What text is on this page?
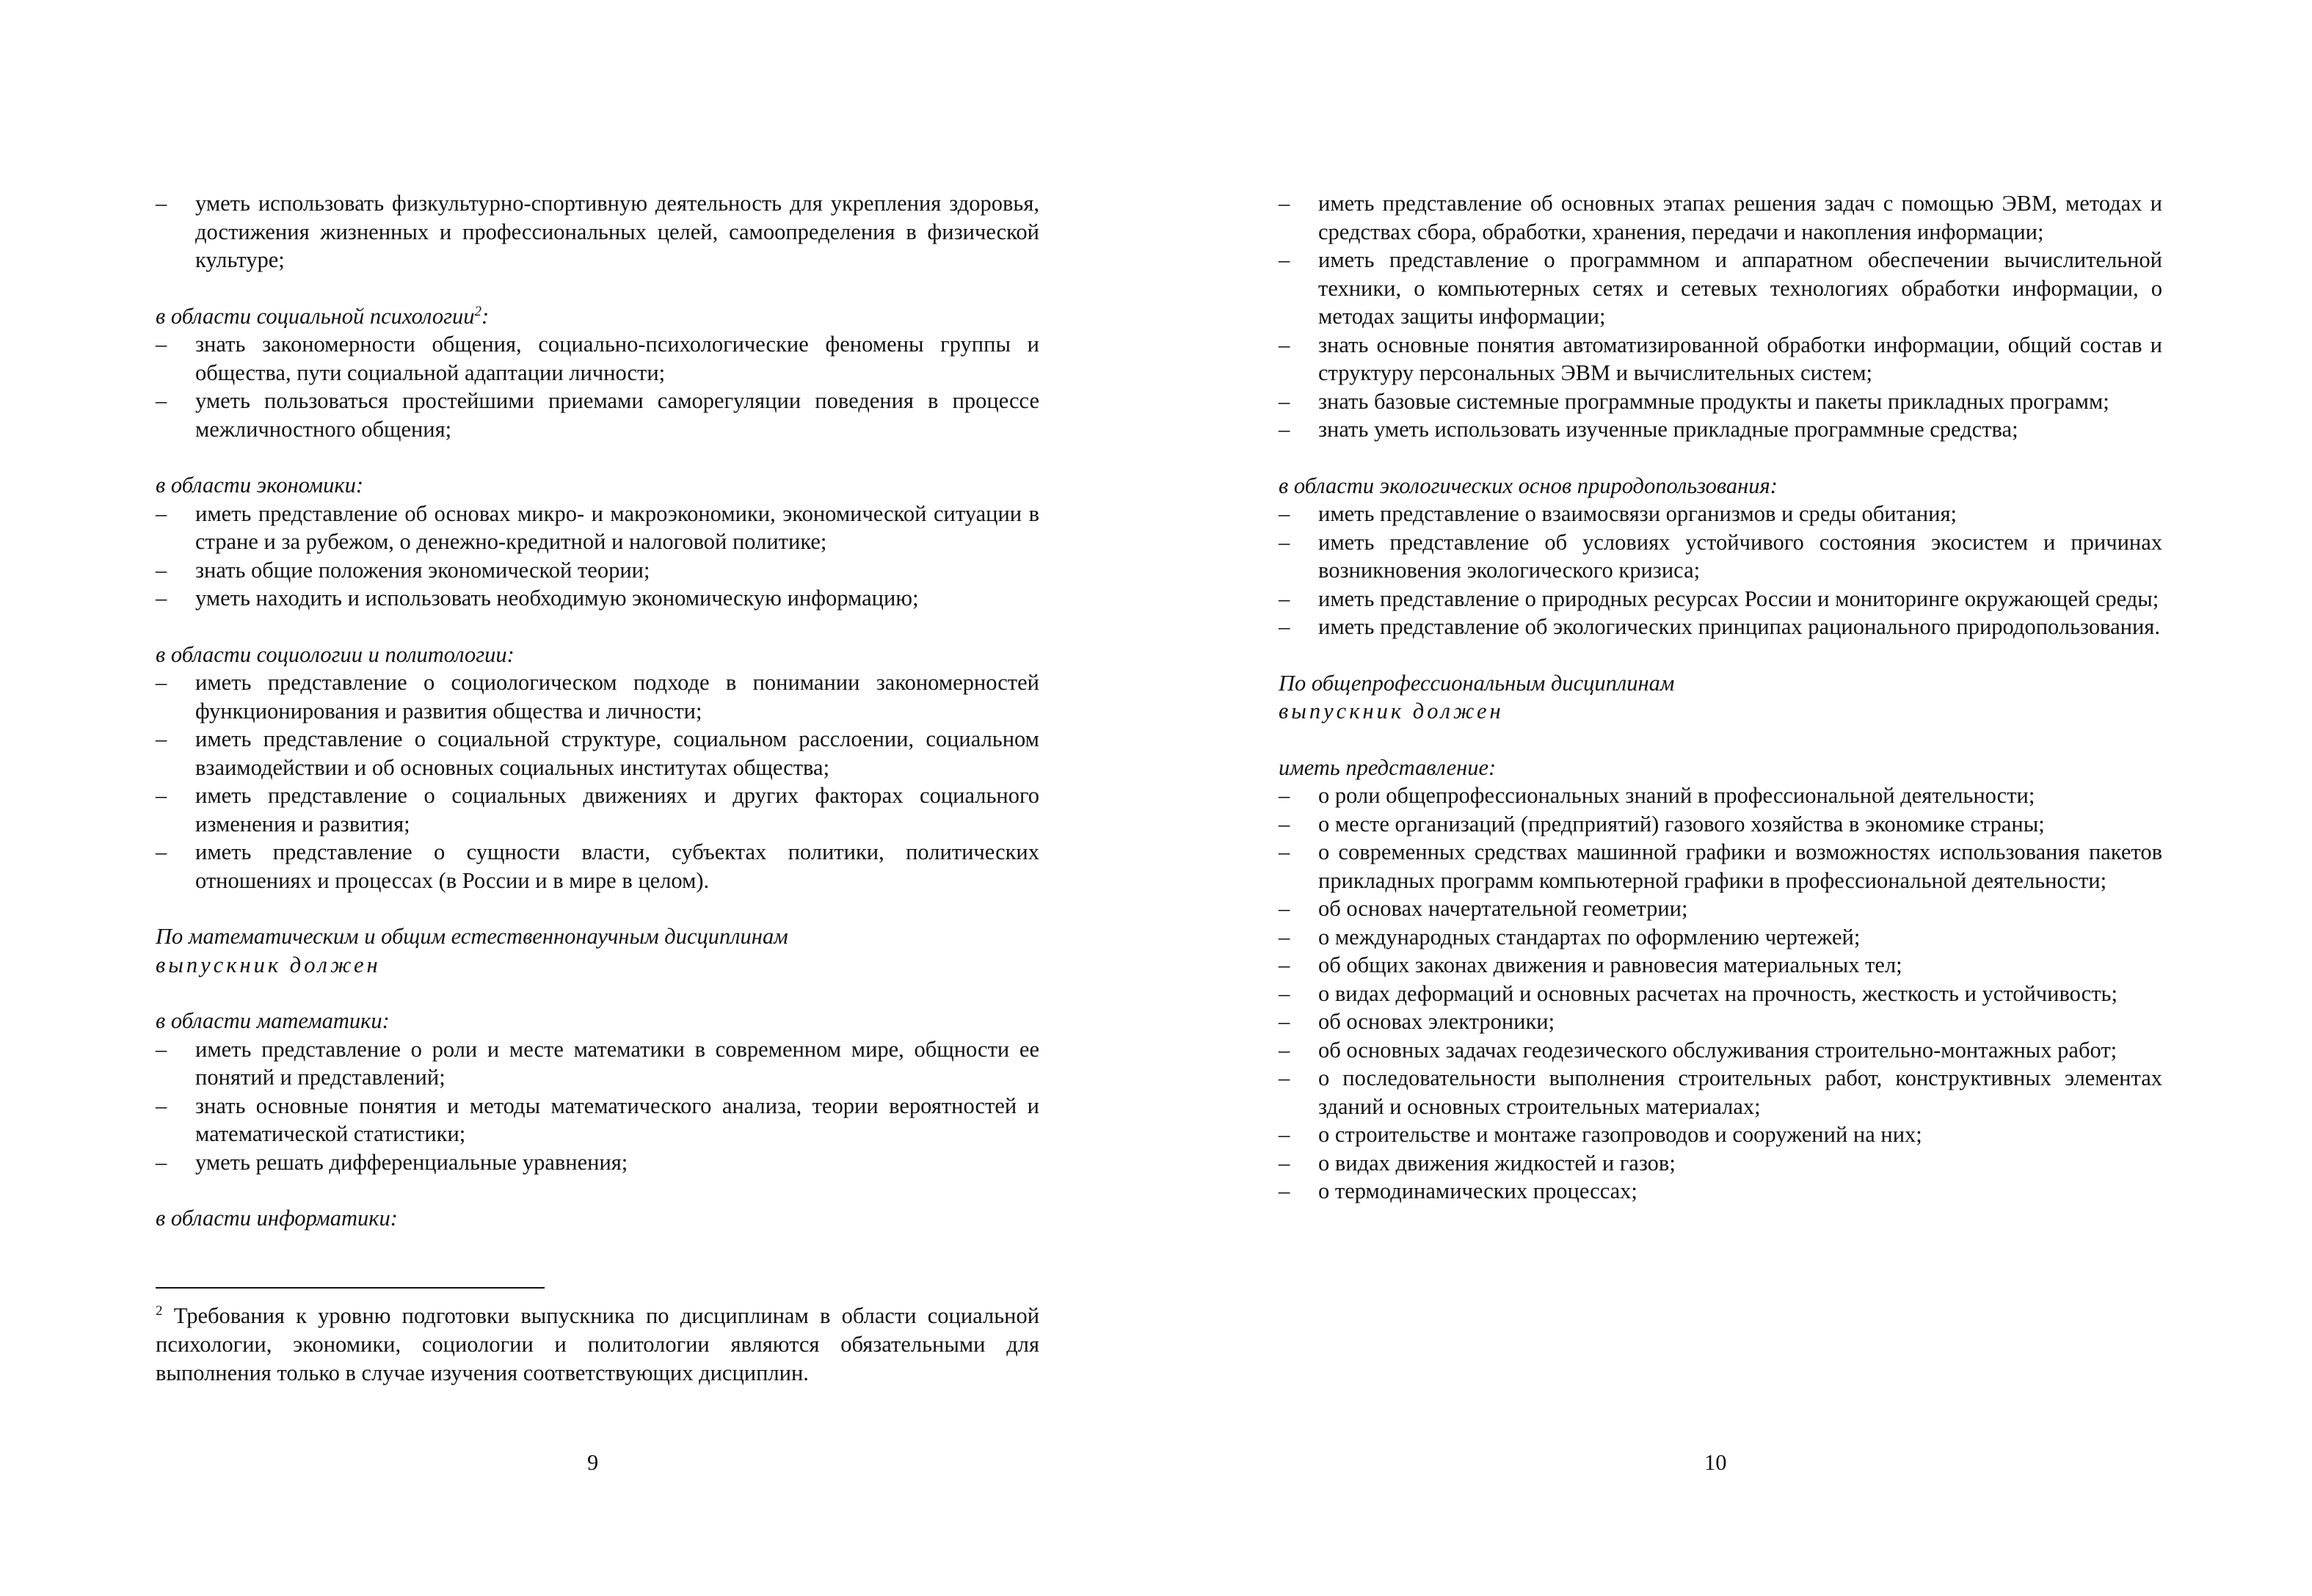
– уметь использовать физкультурно-спортивную деятельность для укрепления здоровья, достижения жизненных и профессиональных целей, самоопределения в физической культуре;
в области социальной психологии$^2$:
– знать закономерности общения, социально-психологические феномены группы и общества, пути социальной адаптации личности;
– уметь пользоваться простейшими приемами саморегуляции поведения в процессе межличностного общения;
в области экономики:
– иметь представление об основах микро- и макроэкономики, экономической ситуации в стране и за рубежом, о денежно-кредитной и налоговой политике;
– знать общие положения экономической теории;
– уметь находить и использовать необходимую экономическую информацию;
в области социологии и политологии:
– иметь представление о социологическом подходе в понимании закономерностей функционирования и развития общества и личности;
– иметь представление о социальной структуре, социальном расслоении, социальном взаимодействии и об основных социальных институтах общества;
– иметь представление о социальных движениях и других факторах социального изменения и развития;
– иметь представление о сущности власти, субъектах политики, политических отношениях и процессах (в России и в мире в целом).
По математическим и общим естественнонаучным дисциплинам
выпускник должен
в области математики:
– иметь представление о роли и месте математики в современном мире, общности ее понятий и представлений;
– знать основные понятия и методы математического анализа, теории вероятностей и математической статистики;
– уметь решать дифференциальные уравнения;
в области информатики:
$^2$ Требования к уровню подготовки выпускника по дисциплинам в области социальной психологии, экономики, социологии и политологии являются обязательными для выполнения только в случае изучения соответствующих дисциплин.
9
– иметь представление об основных этапах решения задач с помощью ЭВМ, методах и средствах сбора, обработки, хранения, передачи и накопления информации;
– иметь представление о программном и аппаратном обеспечении вычислительной техники, о компьютерных сетях и сетевых технологиях обработки информации, о методах защиты информации;
– знать основные понятия автоматизированной обработки информации, общий состав и структуру персональных ЭВМ и вычислительных систем;
– знать базовые системные программные продукты и пакеты прикладных программ;
– знать уметь использовать изученные прикладные программные средства;
в области экологических основ природопользования:
– иметь представление о взаимосвязи организмов и среды обитания;
– иметь представление об условиях устойчивого состояния экосистем и причинах возникновения экологического кризиса;
– иметь представление о природных ресурсах России и мониторинге окружающей среды;
– иметь представление об экологических принципах рационального природопользования.
По общепрофессиональным дисциплинам
выпускник должен
иметь представление:
– о роли общепрофессиональных знаний в профессиональной деятельности;
– о месте организаций (предприятий) газового хозяйства в экономике страны;
– о современных средствах машинной графики и возможностях использования пакетов прикладных программ компьютерной графики в профессиональной деятельности;
– об основах начертательной геометрии;
– о международных стандартах по оформлению чертежей;
– об общих законах движения и равновесия материальных тел;
– о видах деформаций и основных расчетах на прочность, жесткость и устойчивость;
– об основах электроники;
– об основных задачах геодезического обслуживания строительно-монтажных работ;
– о последовательности выполнения строительных работ, конструктивных элементах зданий и основных строительных материалах;
– о строительстве и монтаже газопроводов и сооружений на них;
– о видах движения жидкостей и газов;
– о термодинамических процессах;
10
